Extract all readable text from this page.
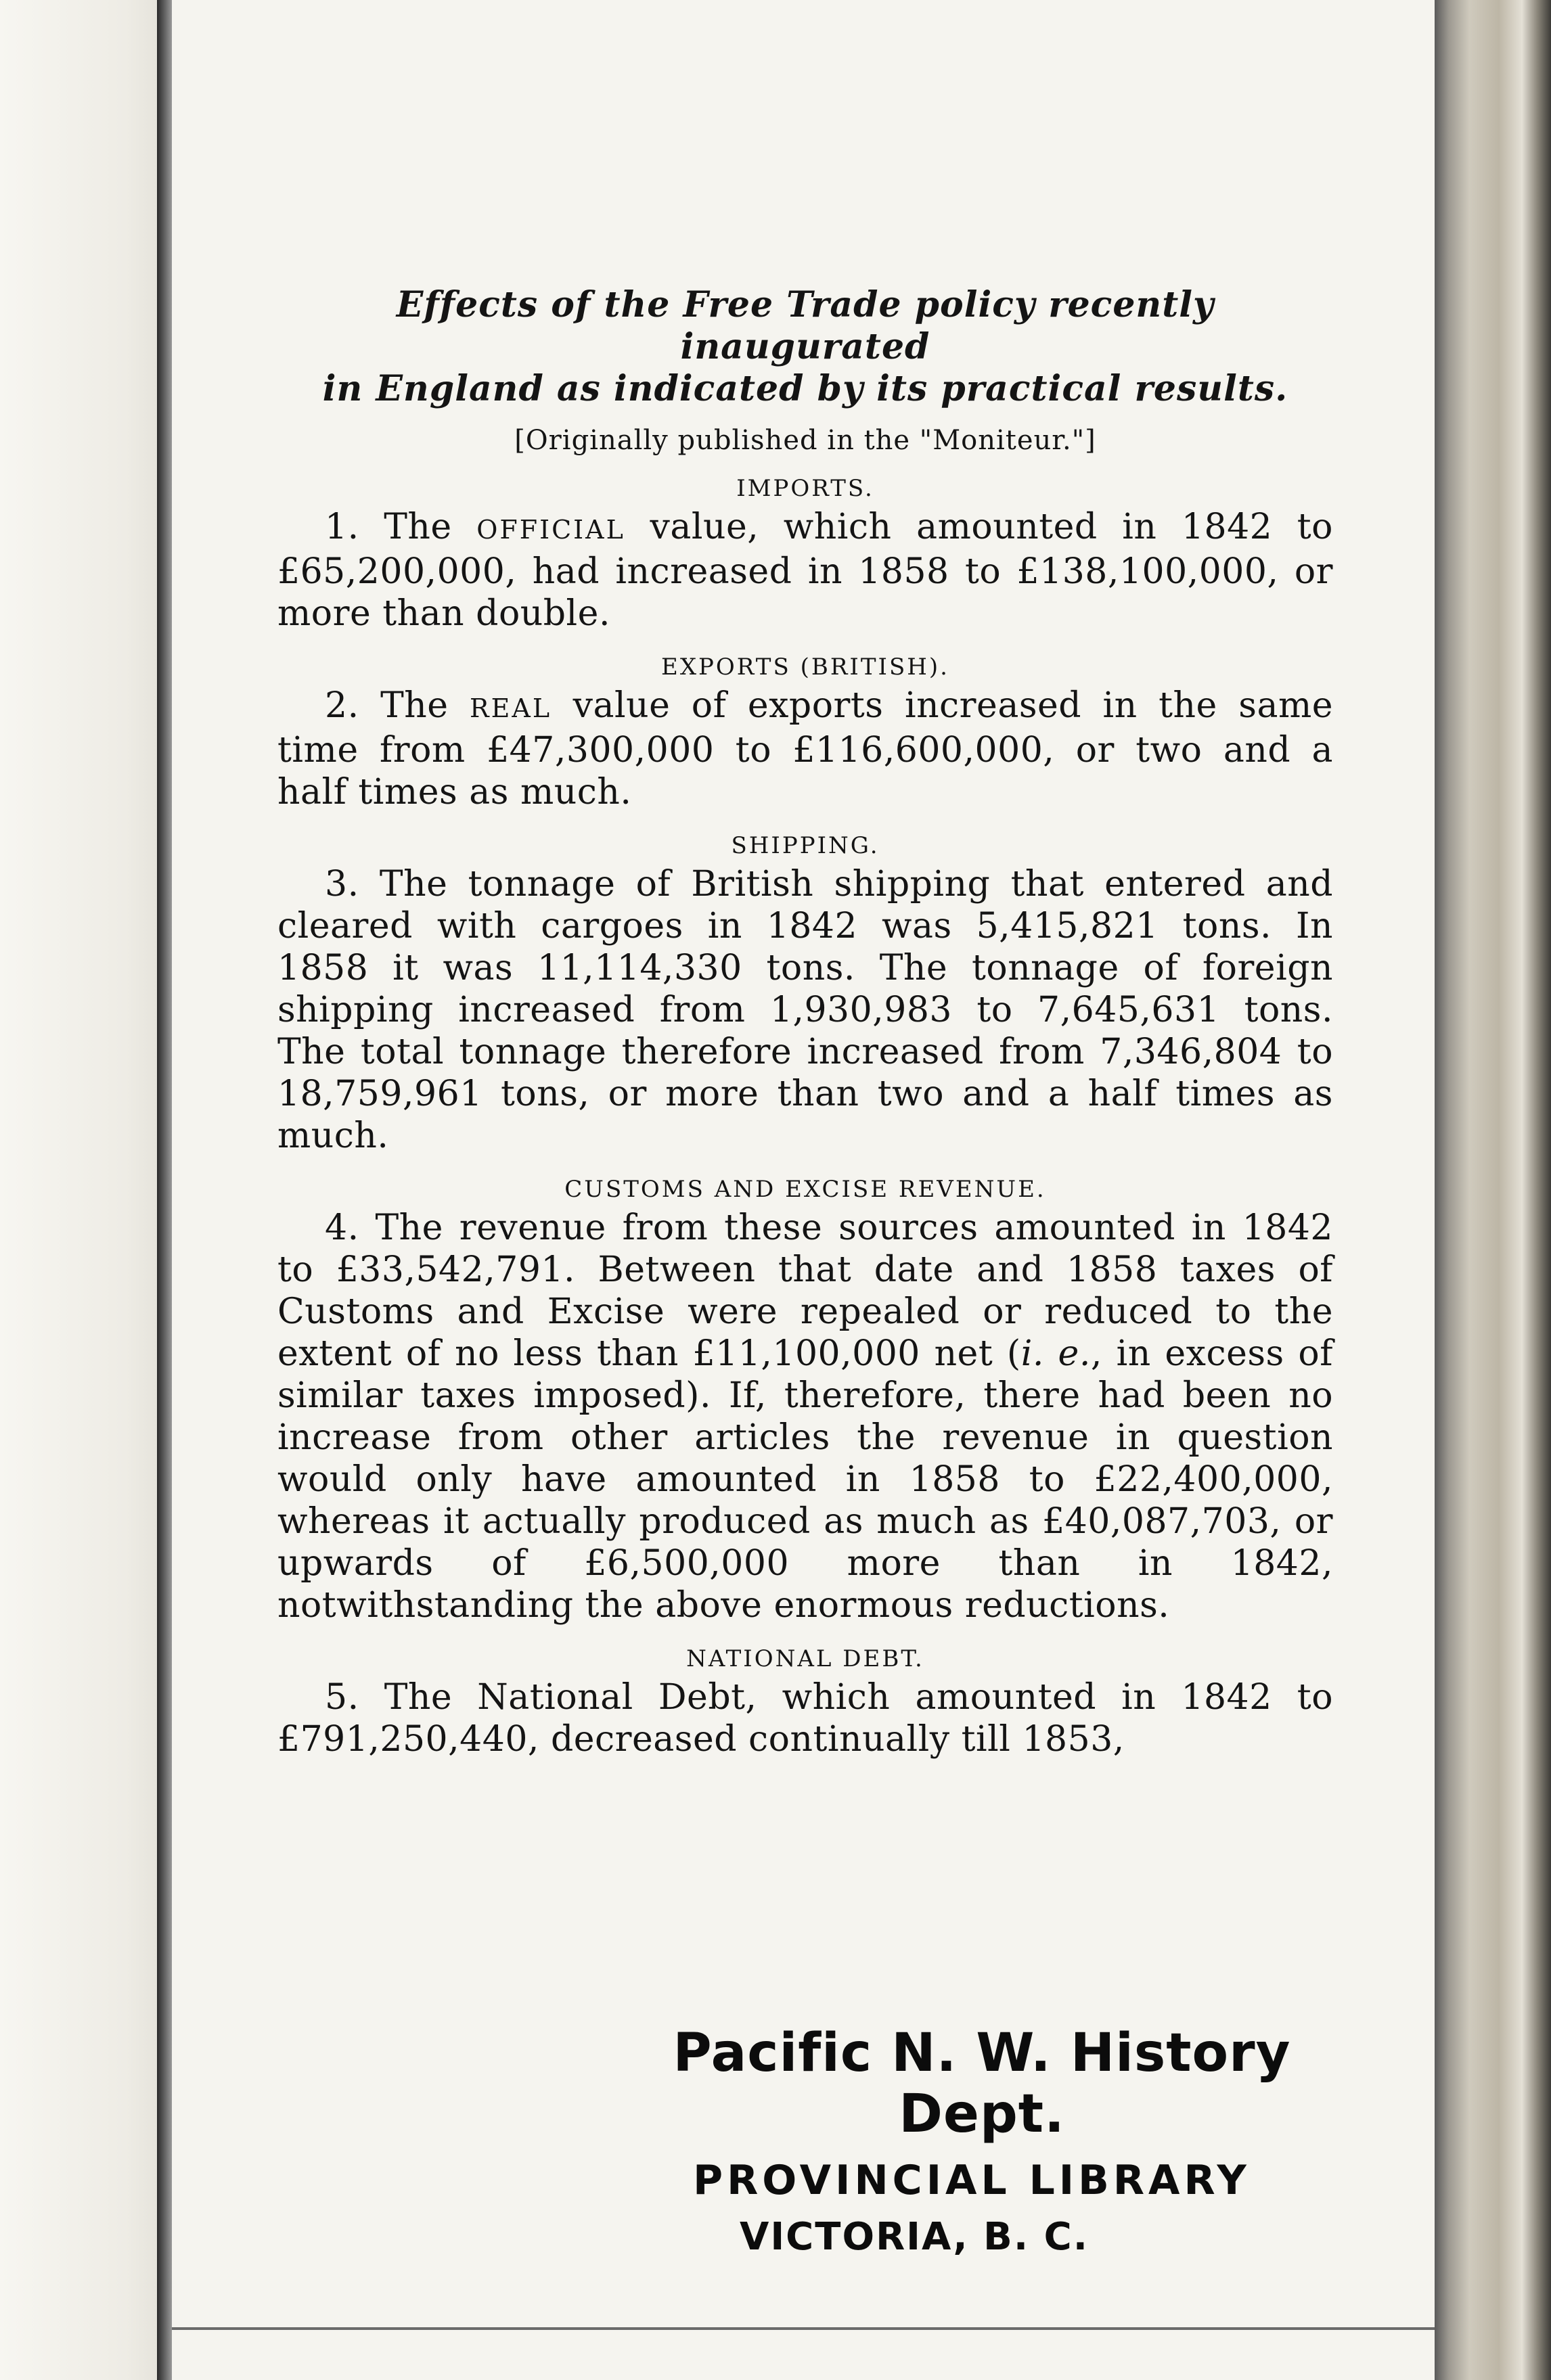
Effects of the Free Trade policy recently inaugurated
in England as indicated by its practical results.
[Originally published in the "Moniteur."]
IMPORTS.

1. The OFFICIAL value, which amounted in 1842 to £65,200,000, had increased in 1858 to £138,100,000, or more than double.

EXPORTS (BRITISH).

2. The REAL value of exports increased in the same time from £47,300,000 to £116,600,000, or two and a half times as much.

SHIPPING.

3. The tonnage of British shipping that entered and cleared with cargoes in 1842 was 5,415,821 tons. In 1858 it was 11,114,330 tons. The tonnage of foreign shipping increased from 1,930,983 to 7,645,631 tons. The total tonnage therefore increased from 7,346,804 to 18,759,961 tons, or more than two and a half times as much.

CUSTOMS AND EXCISE REVENUE.

4. The revenue from these sources amounted in 1842 to £33,542,791. Between that date and 1858 taxes of Customs and Excise were repealed or reduced to the extent of no less than £11,100,000 net (i. e., in excess of similar taxes imposed). If, therefore, there had been no increase from other articles the revenue in question would only have amounted in 1858 to £22,400,000, whereas it actually produced as much as £40,087,703, or upwards of £6,500,000 more than in 1842, notwithstanding the above enormous reductions.

NATIONAL DEBT.

5. The National Debt, which amounted in 1842 to £791,250,440, decreased continually till 1853,

Pacific N. W. History Dept.
PROVINCIAL LIBRARY
VICTORIA, B. C.
